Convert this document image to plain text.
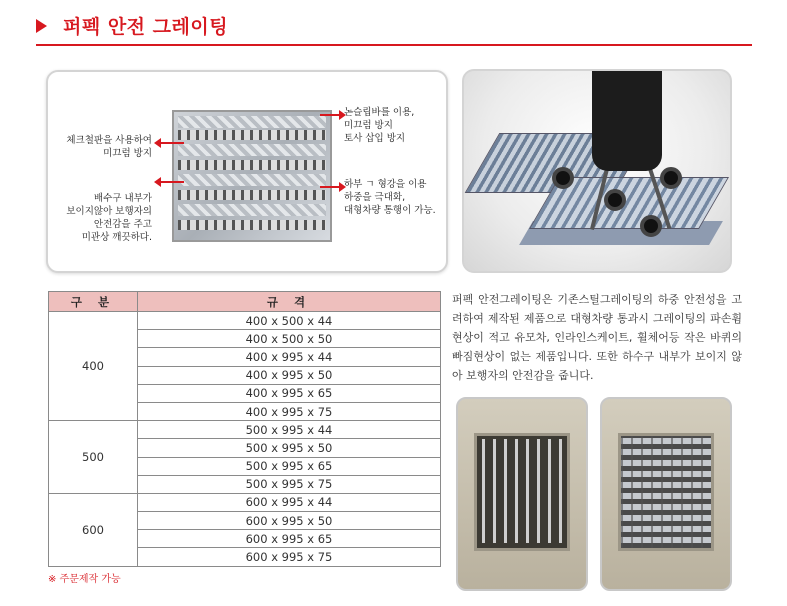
퍼펙 안전 그레이팅
체크철판을 사용하여
미끄럼 방지
배수구 내부가
보이지않아 보행자의
안전감을 주고
미관상 깨끗하다.
논슬립바를 이용,
미끄럼 방지
토사 삽입 방지
하부 ㄱ 형강을 이용
하중을 극대화,
대형차량 통행이 가능.
구 분	규 격
400	400 x 500 x 44
	400 x 500 x 50
	400 x 995 x 44
	400 x 995 x 50
	400 x 995 x 65
	400 x 995 x 75
500	500 x 995 x 44
	500 x 995 x 50
	500 x 995 x 65
	500 x 995 x 75
600	600 x 995 x 44
	600 x 995 x 50
	600 x 995 x 65
	600 x 995 x 75
※ 주문제작 가능

퍼펙 안전그레이팅은 기존스틸그레이팅의 하중 안전성을 고려하여 제작된 제품으로 대형차량 통과시 그레이팅의 파손휨현상이 적고 유모차, 인라인스케이트, 휠체어등 작은 바퀴의 빠짐현상이 없는 제품입니다. 또한 하수구 내부가 보이지 않아 보행자의 안전감을 줍니다.
